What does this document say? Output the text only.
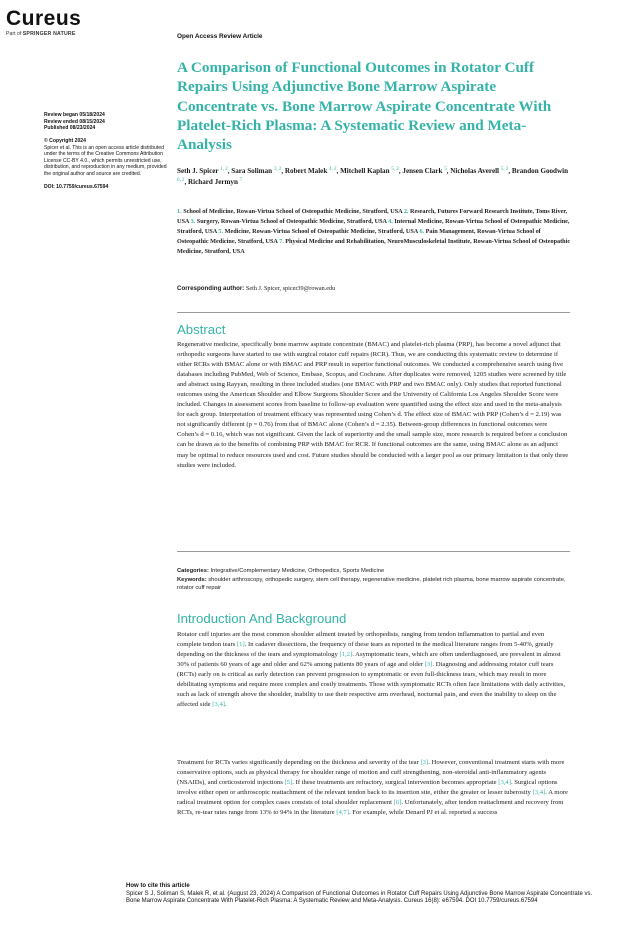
Cureus
Part of SPRINGER NATURE	Open Access Review Article
A Comparison of Functional Outcomes in Rotator Cuff Repairs Using Adjunctive Bone Marrow Aspirate Concentrate vs. Bone Marrow Aspirate Concentrate With Platelet-Rich Plasma: A Systematic Review and Meta-Analysis
Review began 05/18/2024
Review ended 08/15/2024
Published 08/23/2024
© Copyright 2024
Spicer et al. This is an open access article distributed under the terms of the Creative Commons Attribution License CC-BY 4.0., which permits unrestricted use, distribution, and reproduction in any medium, provided the original author and source are credited.
DOI: 10.7759/cureus.67594
Seth J. Spicer $^{1, 2}$, Sara Soliman $^{3, 2}$, Robert Malek $^{4, 2}$, Mitchell Kaplan $^{5, 2}$, Jensen Clark $^5$, Nicholas Averell $^{5, 2}$, Brandon Goodwin $^{6, 2}$, Richard Jermyn $^7$
1. School of Medicine, Rowan-Virtua School of Osteopathic Medicine, Stratford, USA 2. Research, Futures Forward Research Institute, Toms River, USA 3. Surgery, Rowan-Virtua School of Osteopathic Medicine, Stratford, USA 4. Internal Medicine, Rowan-Virtua School of Osteopathic Medicine, Stratford, USA 5. Medicine, Rowan-Virtua School of Osteopathic Medicine, Stratford, USA 6. Pain Management, Rowan-Virtua School of Osteopathic Medicine, Stratford, USA 7. Physical Medicine and Rehabilitation, NeuroMusculoskeletal Institute, Rowan-Virtua School of Osteopathic Medicine, Stratford, USA
Corresponding author: Seth J. Spicer, spicer39@rowan.edu
Abstract

Regenerative medicine, specifically bone marrow aspirate concentrate (BMAC) and platelet-rich plasma (PRP), has become a novel adjunct that orthopedic surgeons have started to use with surgical rotator cuff repairs (RCR). Thus, we are conducting this systematic review to determine if either RCRs with BMAC alone or with BMAC and PRP result in superior functional outcomes. We conducted a comprehensive search using five databases including PubMed, Web of Science, Embase, Scopus, and Cochrane. After duplicates were removed, 1205 studies were screened by title and abstract using Rayyan, resulting in three included studies (one BMAC with PRP and two BMAC only). Only studies that reported functional outcomes using the American Shoulder and Elbow Surgeons Shoulder Score and the University of California Los Angeles Shoulder Score were included. Changes in assessment scores from baseline to follow-up evaluation were quantified using the effect size and used in the meta-analysis for each group. Interpretation of treatment efficacy was represented using Cohen’s d. The effect size of BMAC with PRP (Cohen’s d = 2.19) was not significantly different (p = 0.76) from that of BMAC alone (Cohen’s d = 2.35). Between-group differences in functional outcomes were Cohen’s d = 0.16, which was not significant. Given the lack of superiority and the small sample size, more research is required before a conclusion can be drawn as to the benefits of combining PRP with BMAC for RCR. If functional outcomes are the same, using BMAC alone as an adjunct may be optimal to reduce resources used and cost. Future studies should be conducted with a larger pool as our primary limitation is that only three studies were included.

Categories: Integrative/Complementary Medicine, Orthopedics, Sports Medicine
Keywords: shoulder arthroscopy, orthopedic surgery, stem cell therapy, regenerative medicine, platelet rich plasma, bone marrow aspirate concentrate, rotator cuff repair
Introduction And Background

Rotator cuff injuries are the most common shoulder ailment treated by orthopedists, ranging from tendon inflammation to partial and even complete tendon tears [1]. In cadaver dissections, the frequency of these tears as reported in the medical literature ranges from 5-40%, greatly depending on the thickness of the tears and symptomatology [1,2]. Asymptomatic tears, which are often underdiagnosed, are prevalent in almost 30% of patients 60 years of age and older and 62% among patients 80 years of age and older [3]. Diagnosing and addressing rotator cuff tears (RCTs) early on is critical as early detection can prevent progression to symptomatic or even full-thickness tears, which may result in more debilitating symptoms and require more complex and costly treatments. Those with symptomatic RCTs often face limitations with daily activities, such as lack of strength above the shoulder, inability to use their respective arm overhead, nocturnal pain, and even the inability to sleep on the affected side [3,4].

Treatment for RCTs varies significantly depending on the thickness and severity of the tear [3]. However, conventional treatment starts with more conservative options, such as physical therapy for shoulder range of motion and cuff strengthening, non-steroidal anti-inflammatory agents (NSAIDs), and corticosteroid injections [5]. If these treatments are refractory, surgical intervention becomes appropriate [3,4]. Surgical options involve either open or arthroscopic reattachment of the relevant tendon back to its insertion site, either the greater or lesser tuberosity [3,4]. A more radical treatment option for complex cases consists of total shoulder replacement [6]. Unfortunately, after tendon reattachment and recovery from RCTs, re-tear rates range from 13% to 94% in the literature [4,7]. For example, while Denard PJ et al. reported a success

How to cite this article
Spicer S J, Soliman S, Malek R, et al. (August 23, 2024) A Comparison of Functional Outcomes in Rotator Cuff Repairs Using Adjunctive Bone Marrow Aspirate Concentrate vs. Bone Marrow Aspirate Concentrate With Platelet-Rich Plasma: A Systematic Review and Meta-Analysis. Cureus 16(8): e67594. DOI 10.7759/cureus.67594
